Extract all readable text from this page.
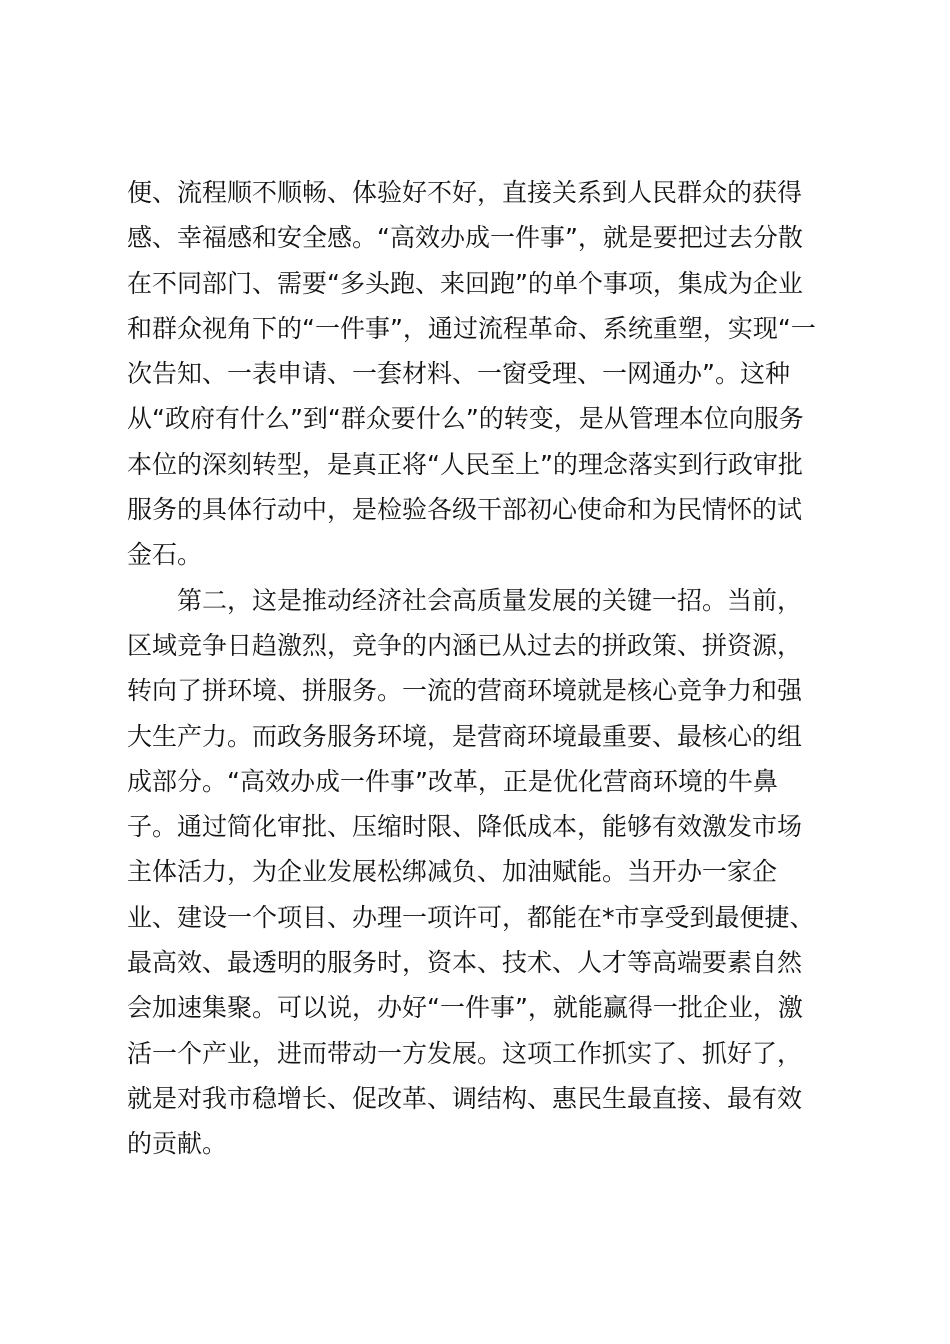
便、流程顺不顺畅、体验好不好，直接关系到人民群众的获得
感、幸福感和安全感。“高效办成一件事”，就是要把过去分散
在不同部门、需要“多头跑、来回跑”的单个事项，集成为企业
和群众视角下的“一件事”，通过流程革命、系统重塑，实现“一
次告知、一表申请、一套材料、一窗受理、一网通办”。这种
从“政府有什么”到“群众要什么”的转变，是从管理本位向服务
本位的深刻转型，是真正将“人民至上”的理念落实到行政审批
服务的具体行动中，是检验各级干部初心使命和为民情怀的试
金石。
第二，这是推动经济社会高质量发展的关键一招。当前，
区域竞争日趋激烈，竞争的内涵已从过去的拼政策、拼资源，
转向了拼环境、拼服务。一流的营商环境就是核心竞争力和强
大生产力。而政务服务环境，是营商环境最重要、最核心的组
成部分。“高效办成一件事”改革，正是优化营商环境的牛鼻
子。通过简化审批、压缩时限、降低成本，能够有效激发市场
主体活力，为企业发展松绑减负、加油赋能。当开办一家企
业、建设一个项目、办理一项许可，都能在*市享受到最便捷、
最高效、最透明的服务时，资本、技术、人才等高端要素自然
会加速集聚。可以说，办好“一件事”，就能赢得一批企业，激
活一个产业，进而带动一方发展。这项工作抓实了、抓好了，
就是对我市稳增长、促改革、调结构、惠民生最直接、最有效
的贡献。
